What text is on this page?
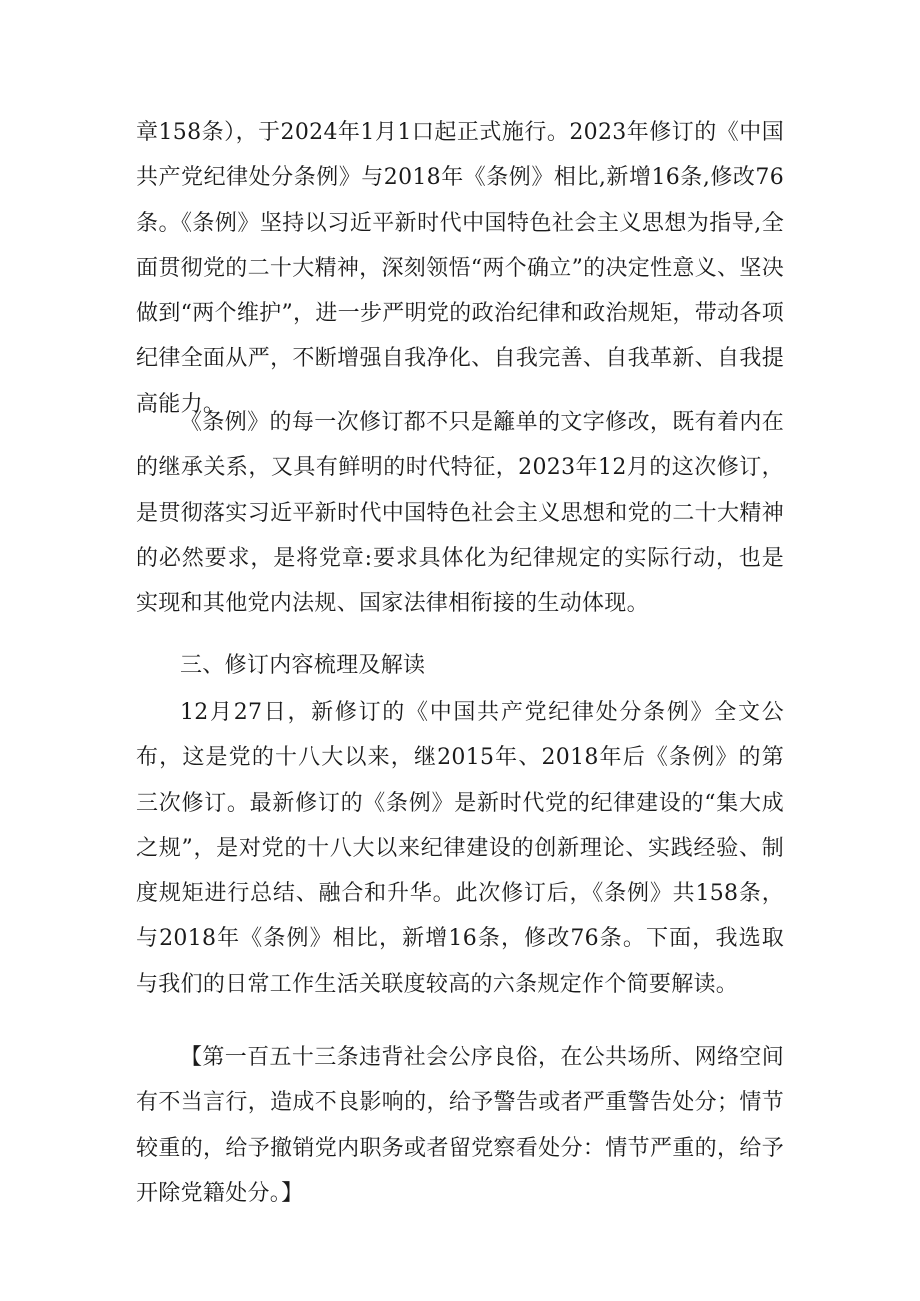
章158条），于2024年1月1口起正式施行。2023年修订的《中国共产党纪律处分条例》与2018年《条例》相比,新增16条,修改76条。《条例》坚持以习近平新时代中国特色社会主义思想为指导,全面贯彻党的二十大精神，深刻领悟“两个确立”的决定性意义、坚决做到“两个维护”，进一步严明党的政治纪律和政治规矩，带动各项纪律全面从严，不断增强自我净化、自我完善、自我革新、自我提高能力。

《条例》的每一次修订都不只是籬单的文字修改，既有着内在的继承关系，又具有鲜明的时代特征，2023年12月的这次修订，是贯彻落实习近平新时代中国特色社会主义思想和党的二十大精神的必然要求，是将党章:要求具体化为纪律规定的实际行动，也是实现和其他党内法规、国家法律相衔接的生动体现。

三、修订内容梳理及解读

12月27日，新修订的《中国共产党纪律处分条例》全文公布，这是党的十八大以来，继2015年、2018年后《条例》的第三次修订。最新修订的《条例》是新时代党的纪律建设的“集大成之规”，是对党的十八大以来纪律建设的创新理论、实践经验、制度规矩进行总结、融合和升华。此次修订后，《条例》共158条，与2018年《条例》相比，新增16条，修改76条。下面，我选取与我们的日常工作生活关联度较高的六条规定作个简要解读。

【第一百五十三条违背社会公序良俗，在公共场所、网络空间有不当言行，造成不良影响的，给予警告或者严重警告处分；情节较重的，给予撤销党内职务或者留党察看处分：情节严重的，给予开除党籍处分。】
